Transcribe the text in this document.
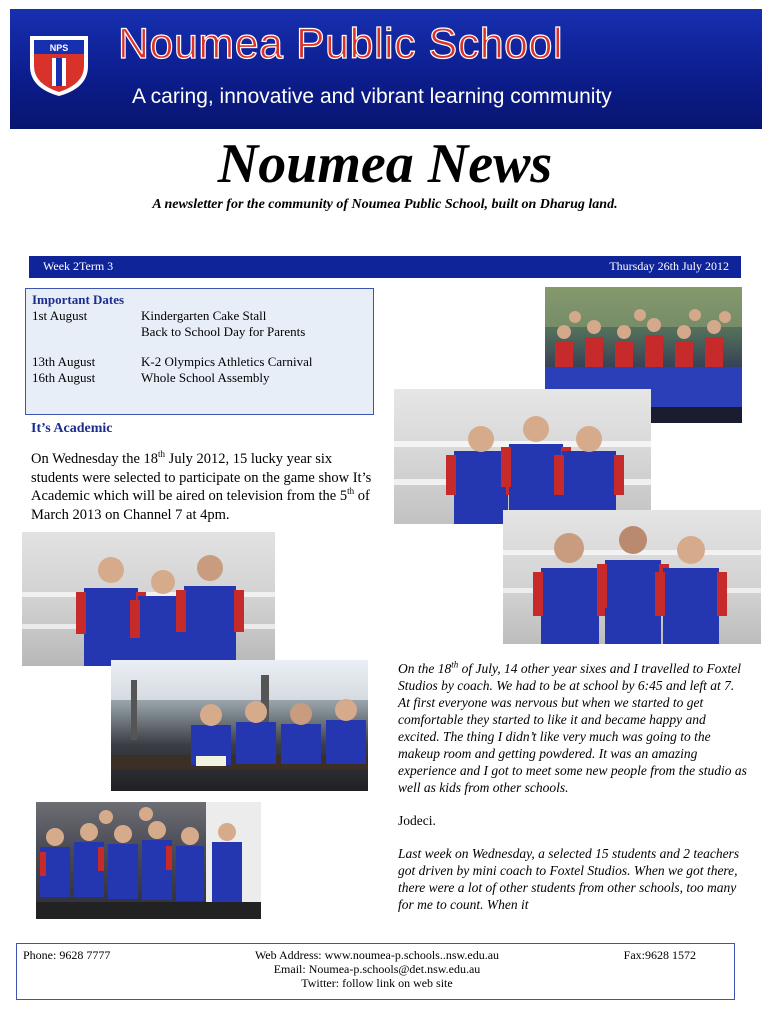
NPS Noumea Public School
A caring, innovative and vibrant learning community
Noumea News
A newsletter for the community of Noumea Public School, built on Dharug land.
Week 2Term 3	Thursday 26th July 2012
Important Dates
1st August	Kindergarten Cake Stall
Back to School Day for Parents
13th August	K-2 Olympics Athletics Carnival
16th August	Whole School Assembly
It’s Academic
On Wednesday the 18th July 2012, 15 lucky year six students were selected to participate on the game show It’s Academic which will be aired on television from the 5th of March 2013 on Channel 7 at 4pm.

On the 18th of July, 14 other year sixes and I travelled to Foxtel Studios by coach. We had to be at school by 6:45 and left at 7. At first everyone was nervous but when we started to get comfortable they started to like it and became happy and excited. The thing I didn’t like very much was going to the makeup room and getting powdered. It was an amazing experience and I got to meet some new people from the studio as well as kids from other schools.

Jodeci.

Last week on Wednesday, a selected 15 students and 2 teachers got driven by mini coach to Foxtel Studios. When we got there, there were a lot of other students from other schools, too many for me to count. When it

Phone: 9628 7777	Web Address: www.noumea-p.schools..nsw.edu.au
Email: Noumea-p.schools@det.nsw.edu.au
Twitter: follow link on web site
Fax:9628 1572
